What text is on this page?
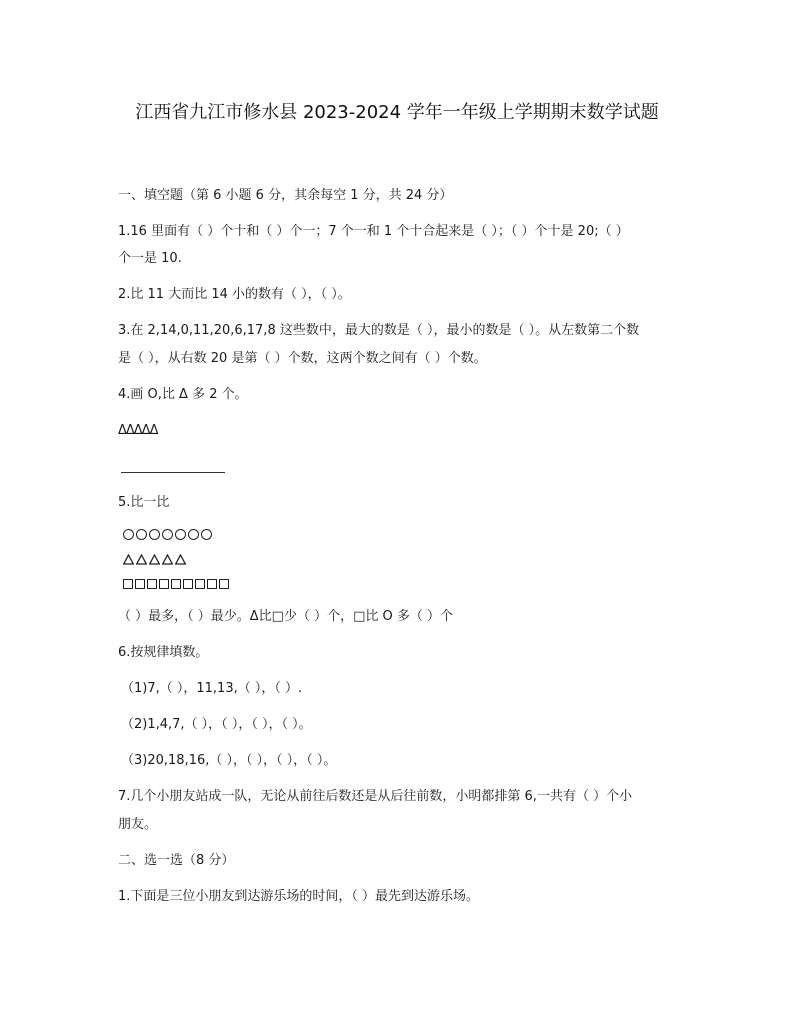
江西省九江市修水县 2023-2024 学年一年级上学期期末数学试题
一、填空题（第 6 小题 6 分，其余每空 1 分，共 24 分）
1.16 里面有（ ）个十和（ ）个一；7 个一和 1 个十合起来是（ ）；（ ）个十是 20;（ ）
个一是 10.
2.比 11 大而比 14 小的数有（ ），（ ）。
3.在 2,14,0,11,20,6,17,8 这些数中，最大的数是（ ），最小的数是（ ）。从左数第二个数
是（ ），从右数 20 是第（ ）个数，这两个数之间有（ ）个数。
4.画 O,比 Δ 多 2 个。
ΔΔΔΔΔ
5.比一比
（ ）最多，（ ）最少。Δ比□少（ ）个，□比 O 多（ ）个
6.按规律填数。
（1)7,（ ），11,13,（ ），（ ）.
（2)1,4,7,（ ），（ ），（ ），（ ）。
（3)20,18,16,（ ），（ ），（ ），（ ）。
7.几个小朋友站成一队，无论从前往后数还是从后往前数，小明都排第 6,一共有（ ）个小
朋友。
二、选一选（8 分）
1.下面是三位小朋友到达游乐场的时间，（ ）最先到达游乐场。
